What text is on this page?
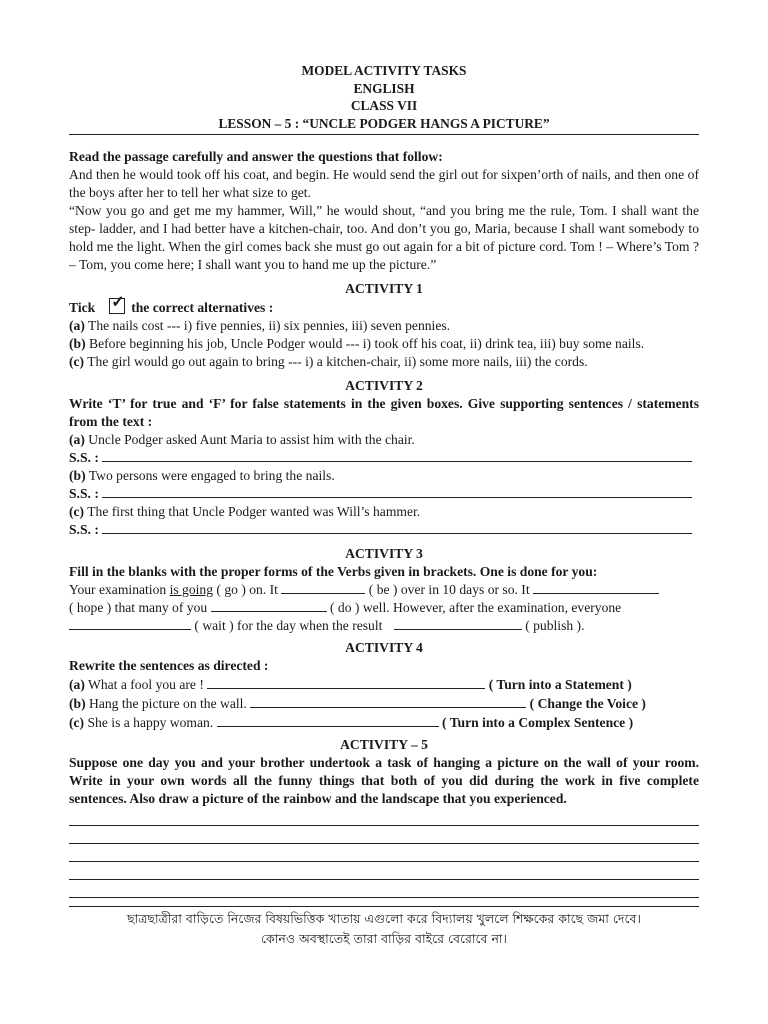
MODEL ACTIVITY TASKS
ENGLISH
CLASS VII
LESSON – 5 : “UNCLE PODGER HANGS A PICTURE”
Read the passage carefully and answer the questions that follow:
And then he would took off his coat, and begin. He would send the girl out for sixpen’orth of nails, and then one of the boys after her to tell her what size to get.
“Now you go and get me my hammer, Will,” he would shout, “and you bring me the rule, Tom. I shall want the step- ladder, and I had better have a kitchen-chair, too. And don’t you go, Maria, because I shall want somebody to hold me the light. When the girl comes back she must go out again for a bit of picture cord. Tom ! – Where’s Tom ? – Tom, you come here; I shall want you to hand me up the picture.”
ACTIVITY 1
Tick ✓ the correct alternatives :
(a) The nails cost --- i) five pennies, ii) six pennies, iii) seven pennies.
(b) Before beginning his job, Uncle Podger would --- i) took off his coat, ii) drink tea, iii) buy some nails.
(c) The girl would go out again to bring --- i) a kitchen-chair, ii) some more nails, iii) the cords.
ACTIVITY 2
Write ‘T’ for true and ‘F’ for false statements in the given boxes. Give supporting sentences / statements from the text :
(a) Uncle Podger asked Aunt Maria to assist him with the chair.
S.S. :
(b) Two persons were engaged to bring the nails.
S.S. :
(c) The first thing that Uncle Podger wanted was Will’s hammer.
S.S. :
ACTIVITY 3
Fill in the blanks with the proper forms of the Verbs given in brackets. One is done for you:
Your examination is going ( go ) on. It	( be ) over in 10 days or so. It
( hope ) that many of you	( do ) well. However, after the examination, everyone
( wait ) for the day when the result	( publish ).
ACTIVITY 4
Rewrite the sentences as directed :
(a) What a fool you are !	( Turn into a Statement )
(b) Hang the picture on the wall.	( Change the Voice )
(c) She is a happy woman.	( Turn into a Complex Sentence )
ACTIVITY – 5
Suppose one day you and your brother undertook a task of hanging a picture on the wall of your room. Write in your own words all the funny things that both of you did during the work in five complete sentences. Also draw a picture of the rainbow and the landscape that you experienced.
ছাত্রছাত্রীরা বাড়িতে নিজের বিষয়ভিত্তিক খাতায় এগুলো করে বিদ্যালয় খুললে শিক্ষকের কাছে জমা দেবে।
কোনও অবস্থাতেই তারা বাড়ির বাইরে বেরোবে না।
